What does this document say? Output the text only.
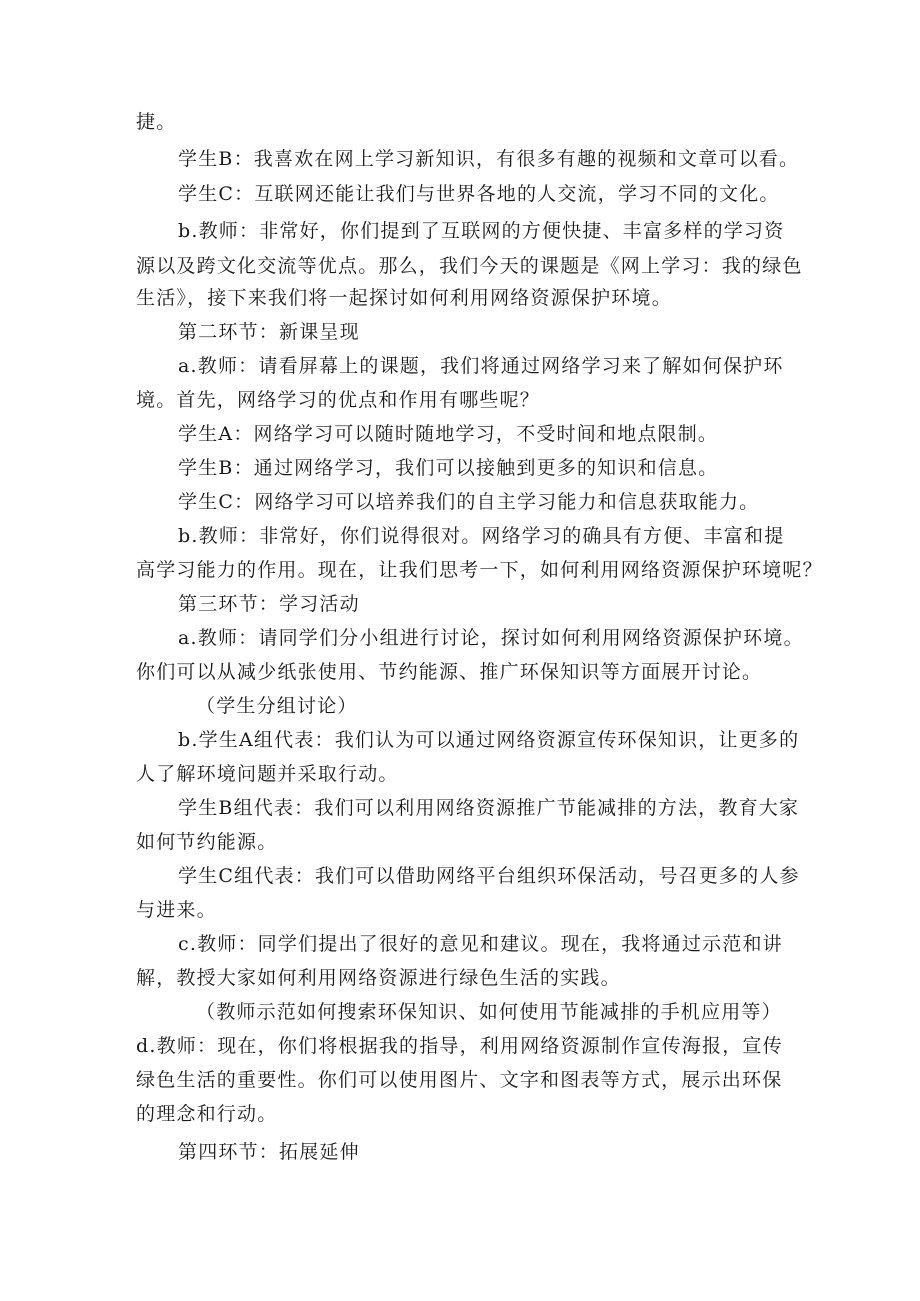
捷。
学生B：我喜欢在网上学习新知识，有很多有趣的视频和文章可以看。
学生C：互联网还能让我们与世界各地的人交流，学习不同的文化。
b.教师：非常好，你们提到了互联网的方便快捷、丰富多样的学习资
源以及跨文化交流等优点。那么，我们今天的课题是《网上学习：我的绿色
生活》，接下来我们将一起探讨如何利用网络资源保护环境。
第二环节：新课呈现
a.教师：请看屏幕上的课题，我们将通过网络学习来了解如何保护环
境。首先，网络学习的优点和作用有哪些呢？
学生A：网络学习可以随时随地学习，不受时间和地点限制。
学生B：通过网络学习，我们可以接触到更多的知识和信息。
学生C：网络学习可以培养我们的自主学习能力和信息获取能力。
b.教师：非常好，你们说得很对。网络学习的确具有方便、丰富和提
高学习能力的作用。现在，让我们思考一下，如何利用网络资源保护环境呢？
第三环节：学习活动
a.教师：请同学们分小组进行讨论，探讨如何利用网络资源保护环境。
你们可以从减少纸张使用、节约能源、推广环保知识等方面展开讨论。
（学生分组讨论）
b.学生A组代表：我们认为可以通过网络资源宣传环保知识，让更多的
人了解环境问题并采取行动。
学生B组代表：我们可以利用网络资源推广节能减排的方法，教育大家
如何节约能源。
学生C组代表：我们可以借助网络平台组织环保活动，号召更多的人参
与进来。
c.教师：同学们提出了很好的意见和建议。现在，我将通过示范和讲
解，教授大家如何利用网络资源进行绿色生活的实践。
（教师示范如何搜索环保知识、如何使用节能减排的手机应用等）
d.教师：现在，你们将根据我的指导，利用网络资源制作宣传海报，宣传
绿色生活的重要性。你们可以使用图片、文字和图表等方式，展示出环保
的理念和行动。
第四环节：拓展延伸
